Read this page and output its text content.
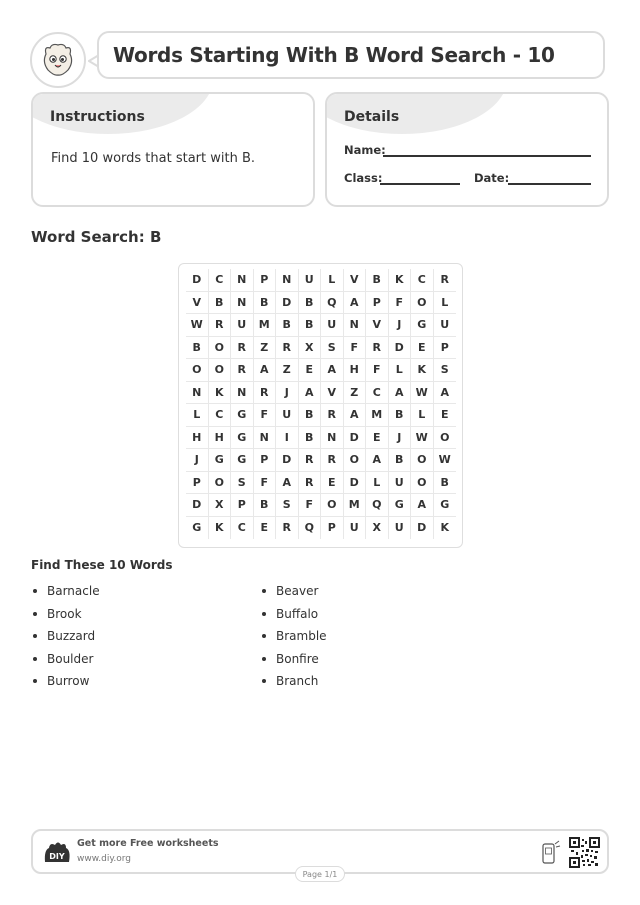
Words Starting With B Word Search - 10
Instructions
Find 10 words that start with B.
Details
Name:
Class:	Date:
Word Search: B
D	C	N	P	N	U	L	V	B	K	C	R
V	B	N	B	D	B	Q	A	P	F	O	L
W	R	U	M	B	B	U	N	V	J	G	U
B	O	R	Z	R	X	S	F	R	D	E	P
O	O	R	A	Z	E	A	H	F	L	K	S
N	K	N	R	J	A	V	Z	C	A	W	A
L	C	G	F	U	B	R	A	M	B	L	E
H	H	G	N	I	B	N	D	E	J	W	O
J	G	G	P	D	R	R	O	A	B	O	W
P	O	S	F	A	R	E	D	L	U	O	B
D	X	P	B	S	F	O	M	Q	G	A	G
G	K	C	E	R	Q	P	U	X	U	D	K
Find These 10 Words
Barnacle
Brook
Buzzard
Boulder
Burrow
Beaver
Buffalo
Bramble
Bonfire
Branch
DIY
Get more Free worksheets
www.diy.org
Page 1/1
